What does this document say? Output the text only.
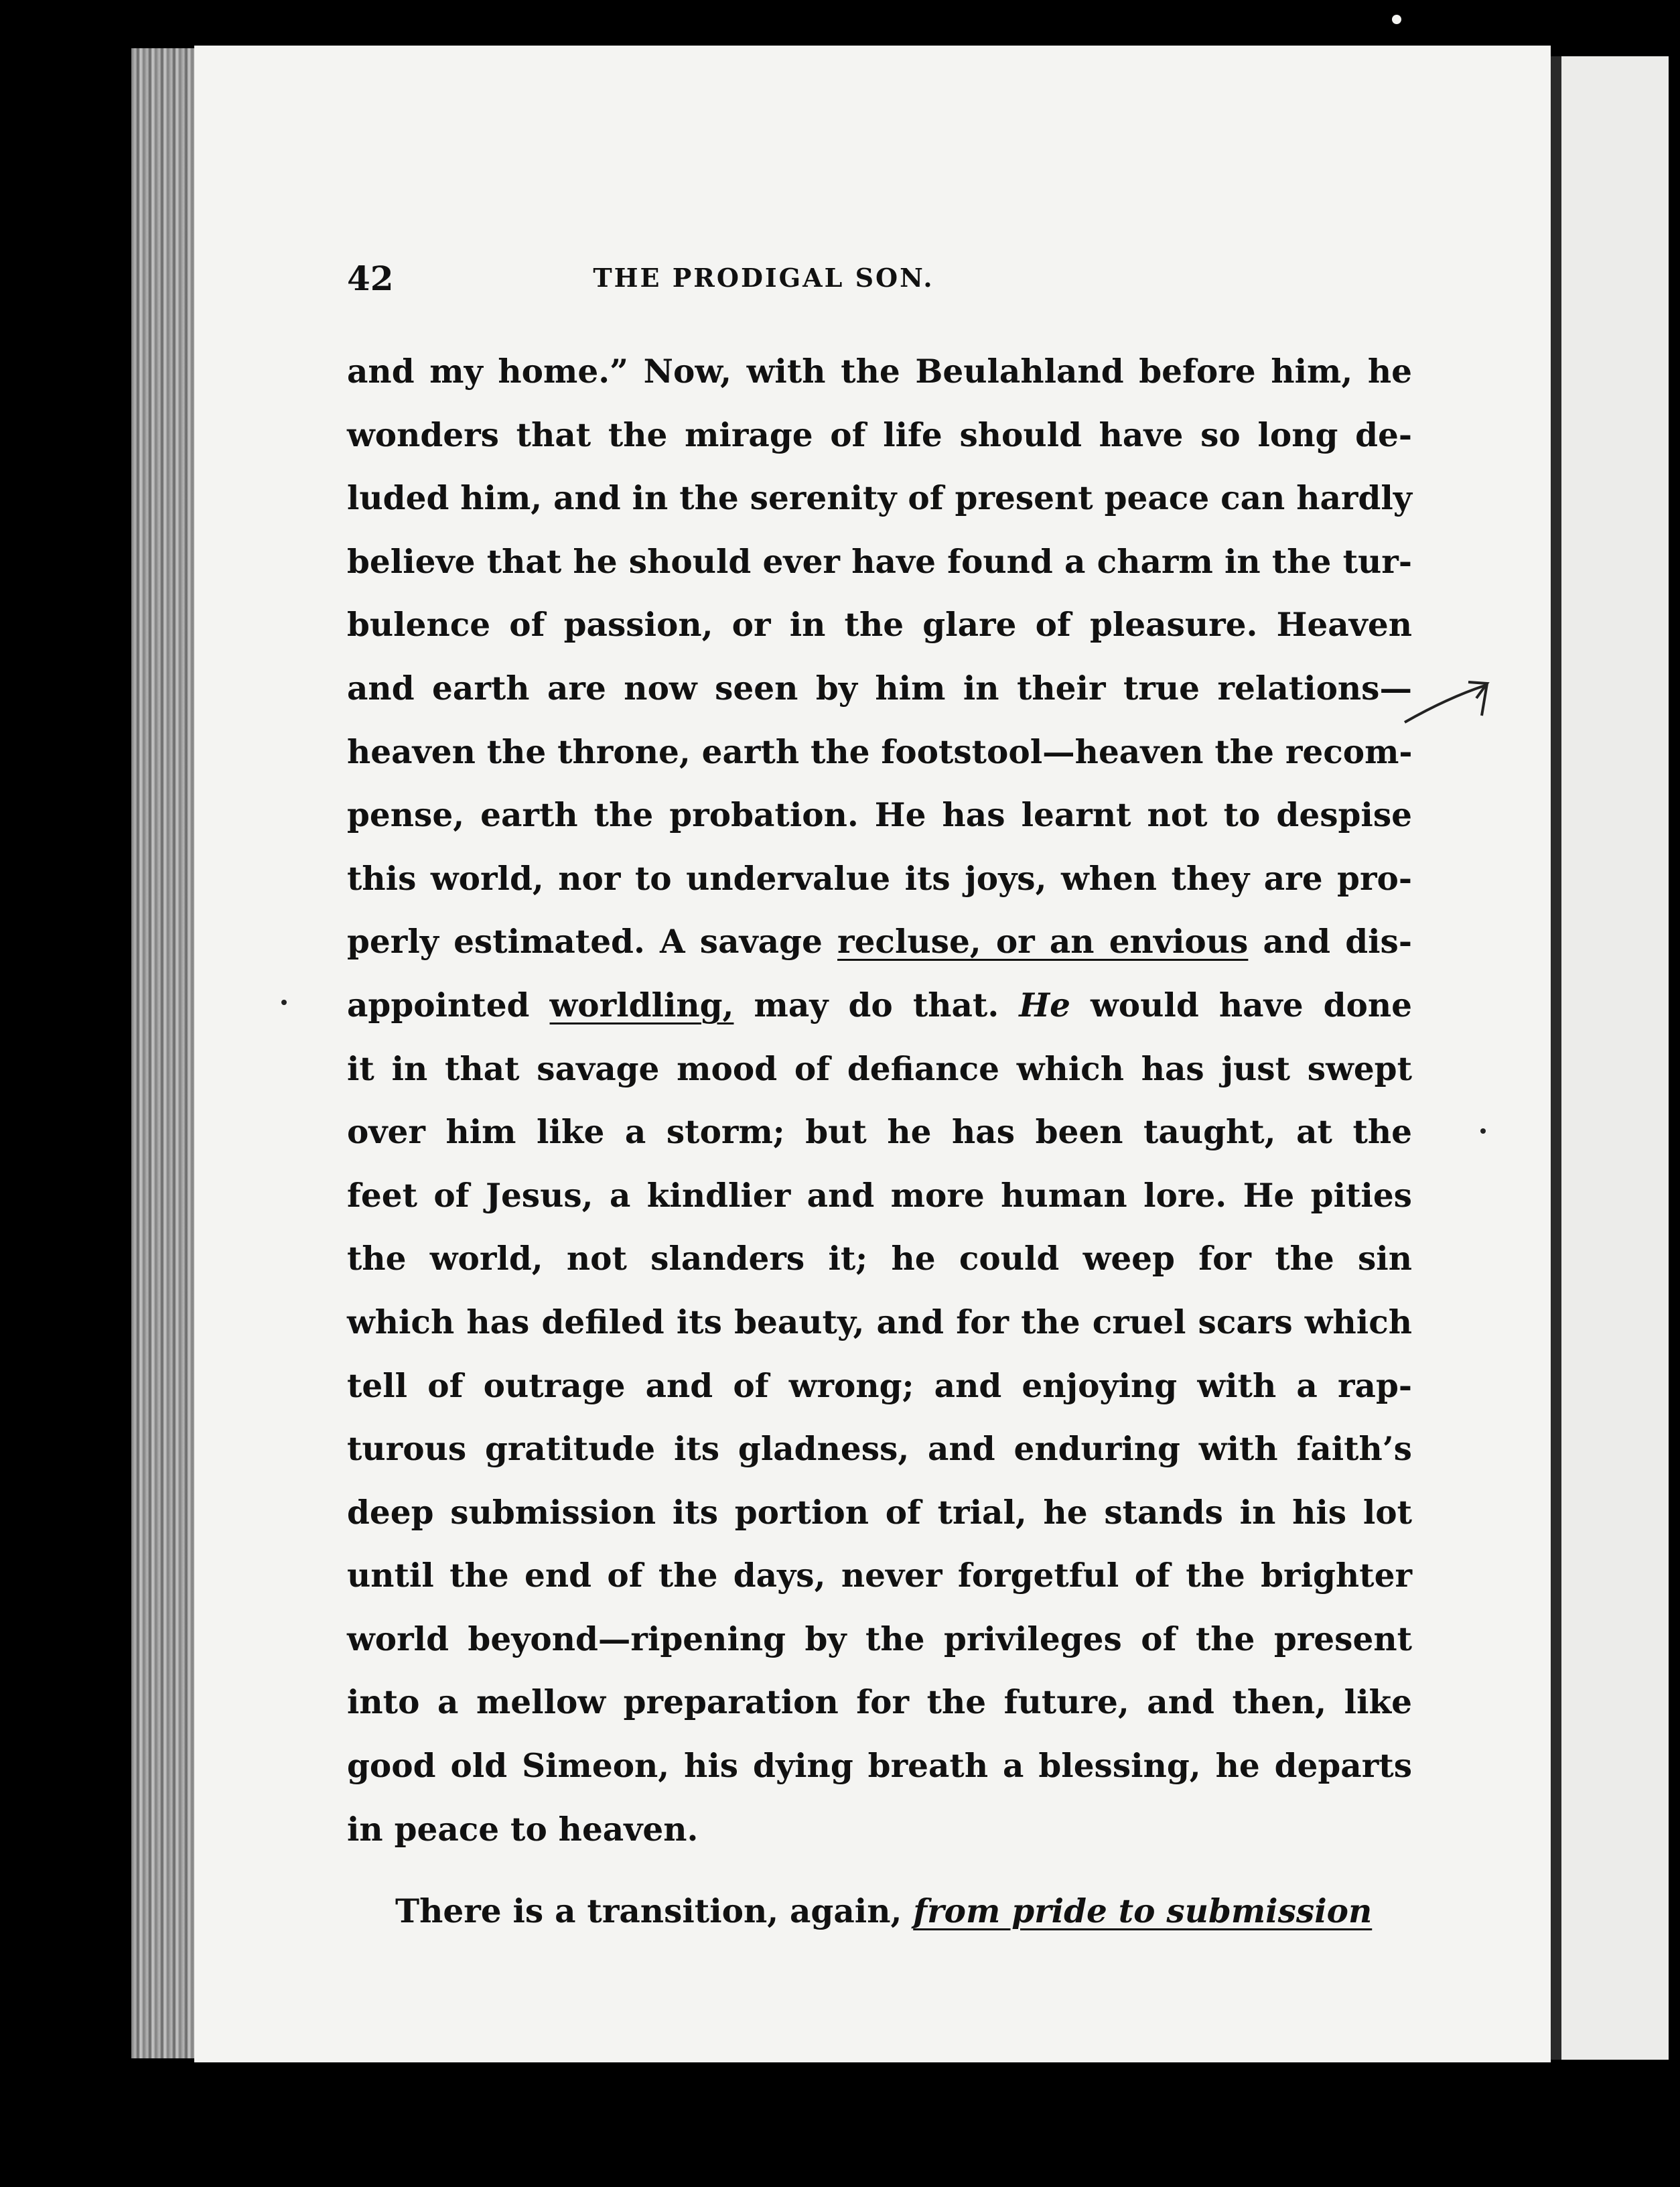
42	THE PRODIGAL SON.
and my home.” Now, with the Beulahland before him, he
wonders that the mirage of life should have so long de-
luded him, and in the serenity of present peace can hardly
believe that he should ever have found a charm in the tur-
bulence of passion, or in the glare of pleasure. Heaven
and earth are now seen by him in their true relations—
heaven the throne, earth the footstool—heaven the recom-
pense, earth the probation. He has learnt not to despise
this world, nor to undervalue its joys, when they are pro-
perly estimated. A savage recluse, or an envious and dis-
appointed worldling, may do that. He would have done
it in that savage mood of defiance which has just swept
over him like a storm; but he has been taught, at the
feet of Jesus, a kindlier and more human lore. He pities
the world, not slanders it; he could weep for the sin
which has defiled its beauty, and for the cruel scars which
tell of outrage and of wrong; and enjoying with a rap-
turous gratitude its gladness, and enduring with faith’s
deep submission its portion of trial, he stands in his lot
until the end of the days, never forgetful of the brighter
world beyond—ripening by the privileges of the present
into a mellow preparation for the future, and then, like
good old Simeon, his dying breath a blessing, he departs
in peace to heaven.
There is a transition, again, from pride to submission
